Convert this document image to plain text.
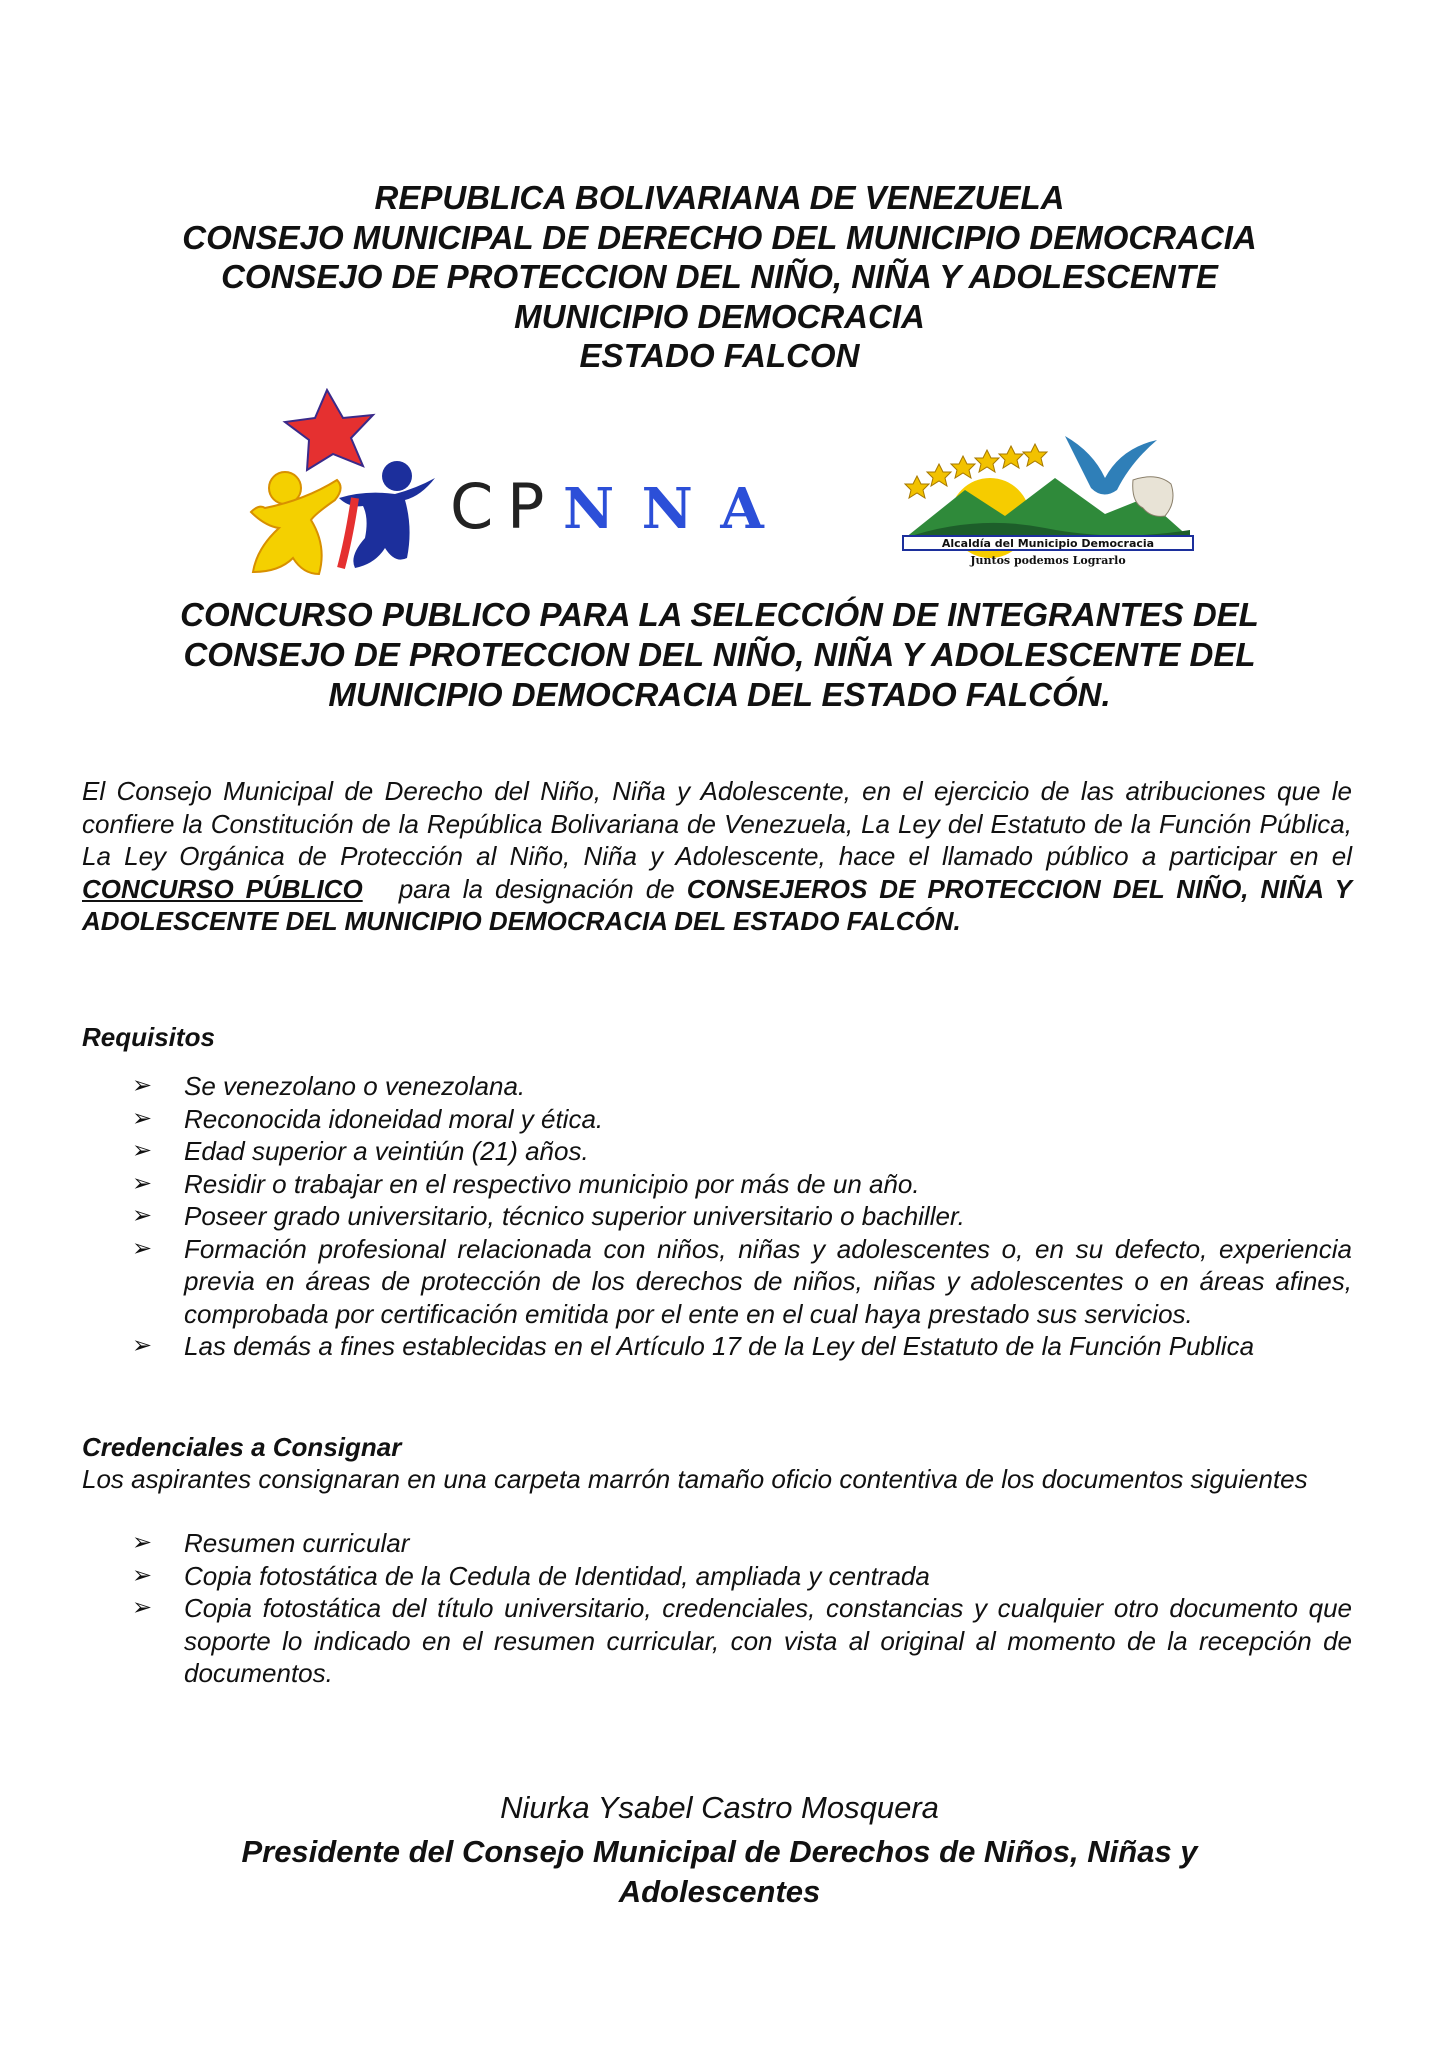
REPUBLICA BOLIVARIANA DE VENEZUELA
CONSEJO MUNICIPAL DE DERECHO DEL MUNICIPIO DEMOCRACIA
CONSEJO DE PROTECCION DEL NIÑO, NIÑA Y ADOLESCENTE
MUNICIPIO DEMOCRACIA
ESTADO FALCON
C P N N A
Alcaldía del Municipio Democracia
Juntos podemos Lograrlo
CONCURSO PUBLICO PARA LA SELECCIÓN DE INTEGRANTES DEL
CONSEJO DE PROTECCION DEL NIÑO, NIÑA Y ADOLESCENTE DEL
MUNICIPIO DEMOCRACIA DEL ESTADO FALCÓN.
El Consejo Municipal de Derecho del Niño, Niña y Adolescente, en el ejercicio de las atribuciones que le confiere la Constitución de la República Bolivariana de Venezuela, La Ley del Estatuto de la Función Pública, La Ley Orgánica de Protección al Niño, Niña y Adolescente, hace el llamado público a participar en el CONCURSO PÚBLICO   para la designación de CONSEJEROS DE PROTECCION DEL NIÑO, NIÑA Y ADOLESCENTE DEL MUNICIPIO DEMOCRACIA DEL ESTADO FALCÓN.
Requisitos
➢ Se venezolano o venezolana.
➢ Reconocida idoneidad moral y ética.
➢ Edad superior a veintiún (21) años.
➢ Residir o trabajar en el respectivo municipio por más de un año.
➢ Poseer grado universitario, técnico superior universitario o bachiller.
➢ Formación profesional relacionada con niños, niñas y adolescentes o, en su defecto, experiencia previa en áreas de protección de los derechos de niños, niñas y adolescentes o en áreas afines, comprobada por certificación emitida por el ente en el cual haya prestado sus servicios.
➢ Las demás a fines establecidas en el Artículo 17 de la Ley del Estatuto de la Función Publica
Credenciales a Consignar
Los aspirantes consignaran en una carpeta marrón tamaño oficio contentiva de los documentos siguientes
➢ Resumen curricular
➢ Copia fotostática de la Cedula de Identidad, ampliada y centrada
➢ Copia fotostática del título universitario, credenciales, constancias y cualquier otro documento que soporte lo indicado en el resumen curricular, con vista al original al momento de la recepción de documentos.
Niurka Ysabel Castro Mosquera
Presidente del Consejo Municipal de Derechos de Niños, Niñas y
Adolescentes
